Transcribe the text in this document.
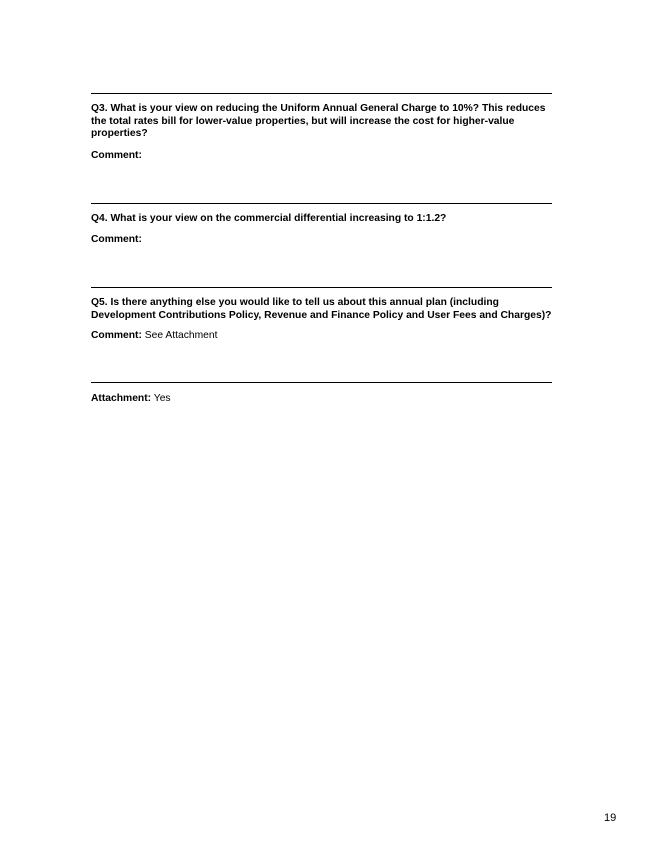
Q3. What is your view on reducing the Uniform Annual General Charge to 10%? This reduces the total rates bill for lower-value properties, but will increase the cost for higher-value properties?

Comment:

Q4. What is your view on the commercial differential increasing to 1:1.2?

Comment:

Q5. Is there anything else you would like to tell us about this annual plan (including Development Contributions Policy, Revenue and Finance Policy and User Fees and Charges)?

Comment: See Attachment

Attachment: Yes

19
